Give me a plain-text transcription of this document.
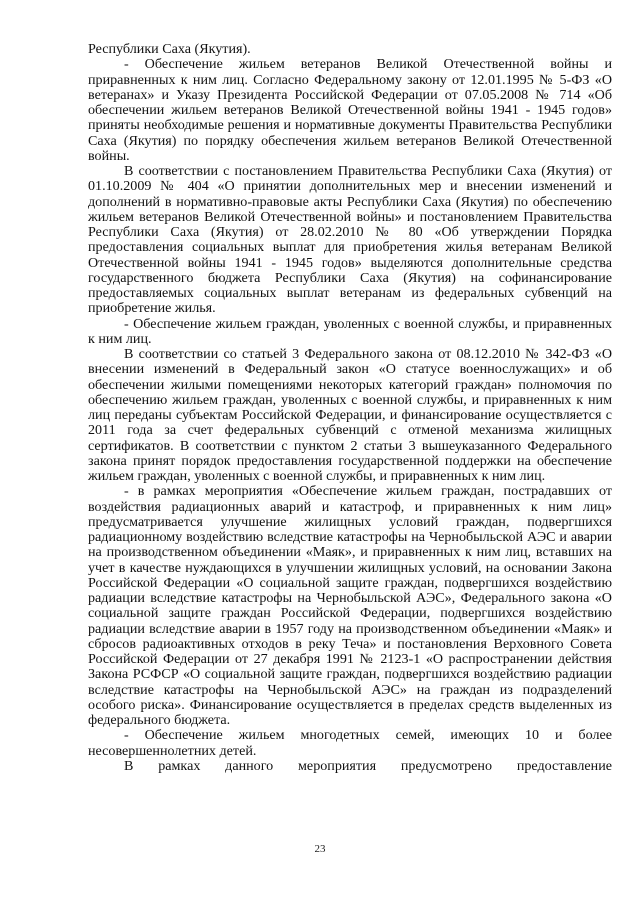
Республики Саха (Якутия).

- Обеспечение жильем ветеранов Великой Отечественной войны и приравненных к ним лиц. Согласно Федеральному закону от 12.01.1995 № 5-ФЗ «О ветеранах» и Указу Президента Российской Федерации от 07.05.2008 № 714 «Об обеспечении жильем ветеранов Великой Отечественной войны 1941 - 1945 годов» приняты необходимые решения и нормативные документы Правительства Республики Саха (Якутия) по порядку обеспечения жильем ветеранов Великой Отечественной войны.

В соответствии с постановлением Правительства Республики Саха (Якутия) от 01.10.2009 № 404 «О принятии дополнительных мер и внесении изменений и дополнений в нормативно-правовые акты Республики Саха (Якутия) по обеспечению жильем ветеранов Великой Отечественной войны» и постановлением Правительства Республики Саха (Якутия) от 28.02.2010 № 80 «Об утверждении Порядка предоставления социальных выплат для приобретения жилья ветеранам Великой Отечественной войны 1941 - 1945 годов» выделяются дополнительные средства государственного бюджета Республики Саха (Якутия) на софинансирование предоставляемых социальных выплат ветеранам из федеральных субвенций на приобретение жилья.

- Обеспечение жильем граждан, уволенных с военной службы, и приравненных к ним лиц.

В соответствии со статьей 3 Федерального закона от 08.12.2010 № 342-ФЗ «О внесении изменений в Федеральный закон «О статусе военнослужащих» и об обеспечении жилыми помещениями некоторых категорий граждан» полномочия по обеспечению жильем граждан, уволенных с военной службы, и приравненных к ним лиц переданы субъектам Российской Федерации, и финансирование осуществляется с 2011 года за счет федеральных субвенций с отменой механизма жилищных сертификатов. В соответствии с пунктом 2 статьи 3 вышеуказанного Федерального закона принят порядок предоставления государственной поддержки на обеспечение жильем граждан, уволенных с военной службы, и приравненных к ним лиц.

- в рамках мероприятия «Обеспечение жильем граждан, пострадавших от воздействия радиационных аварий и катастроф, и приравненных к ним лиц» предусматривается улучшение жилищных условий граждан, подвергшихся радиационному воздействию вследствие катастрофы на Чернобыльской АЭС и аварии на производственном объединении «Маяк», и приравненных к ним лиц, вставших на учет в качестве нуждающихся в улучшении жилищных условий, на основании Закона Российской Федерации «О социальной защите граждан, подвергшихся воздействию радиации вследствие катастрофы на Чернобыльской АЭС», Федерального закона «О социальной защите граждан Российской Федерации, подвергшихся воздействию радиации вследствие аварии в 1957 году на производственном объединении «Маяк» и сбросов радиоактивных отходов в реку Теча» и постановления Верховного Совета Российской Федерации от 27 декабря 1991 № 2123-1 «О распространении действия Закона РСФСР «О социальной защите граждан, подвергшихся воздействию радиации вследствие катастрофы на Чернобыльской АЭС» на граждан из подразделений особого риска». Финансирование осуществляется в пределах средств выделенных из федерального бюджета.

- Обеспечение жильем многодетных семей, имеющих 10 и более несовершеннолетних детей.

В рамках данного мероприятия предусмотрено предоставление

23
